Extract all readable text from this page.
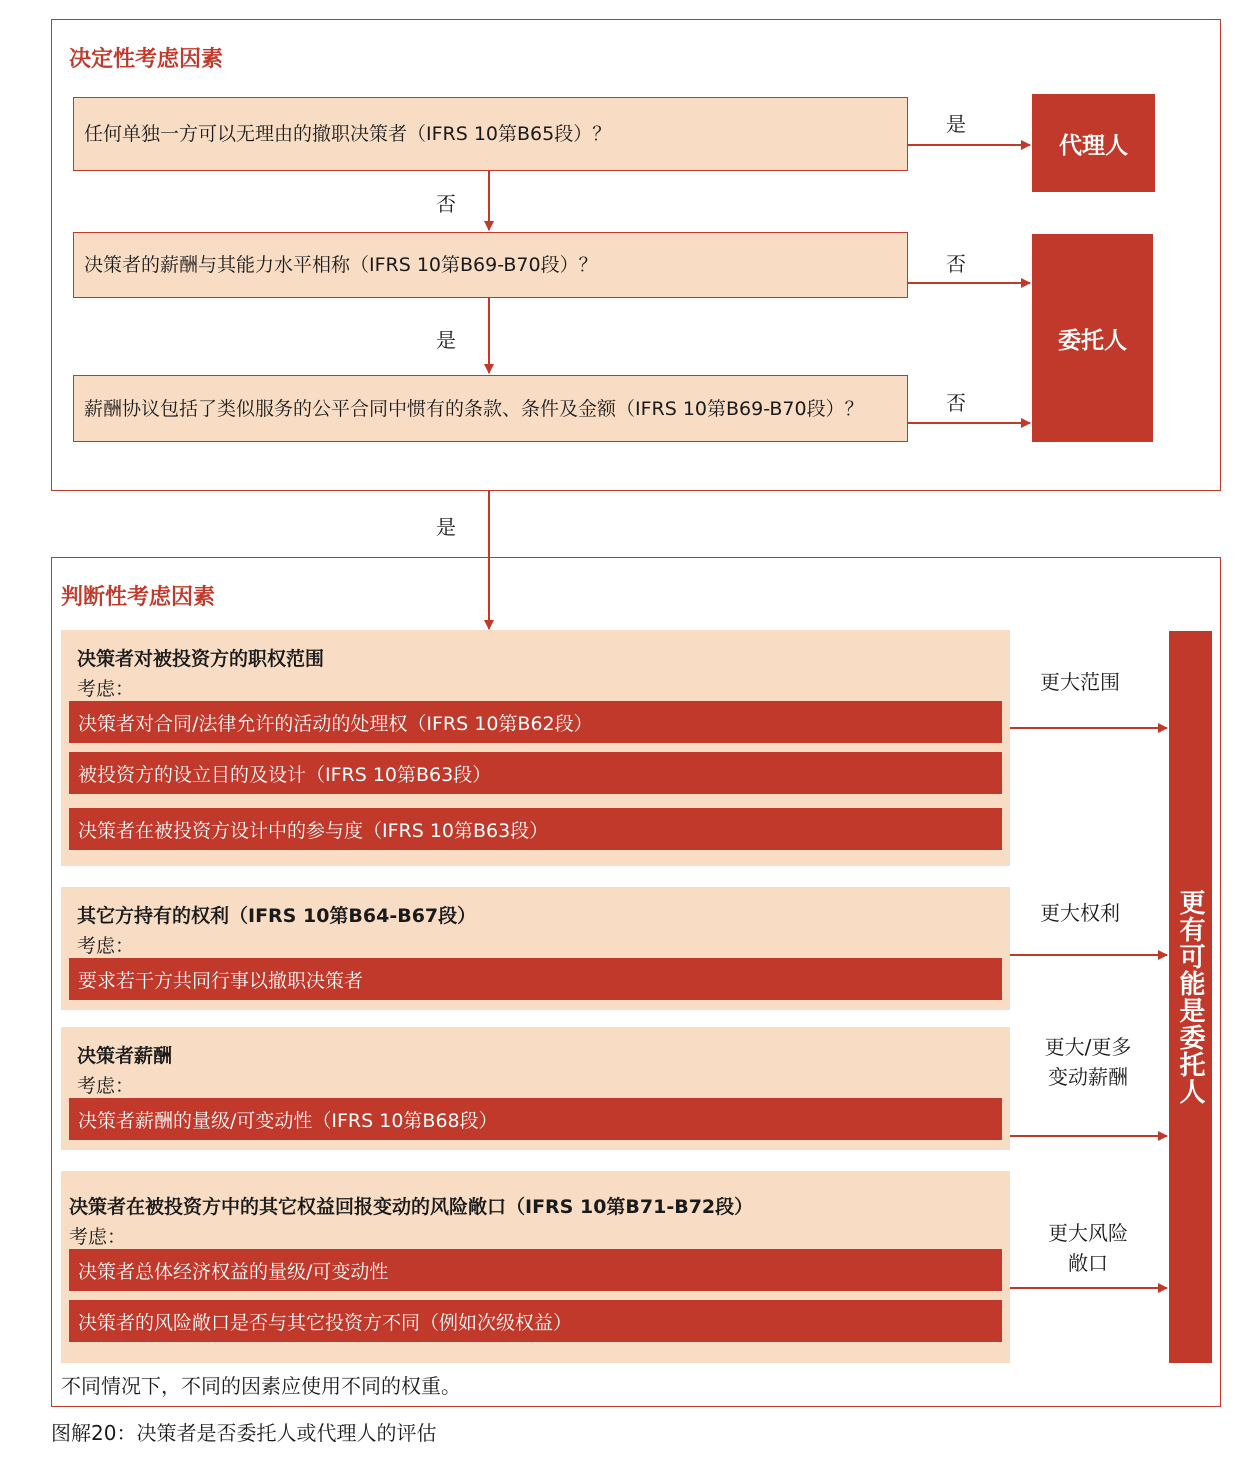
决定性考虑因素
任何单独一方可以无理由的撤职决策者（IFRS 10第B65段）？
决策者的薪酬与其能力水平相称（IFRS 10第B69-B70段）？
薪酬协议包括了类似服务的公平合同中惯有的条款、条件及金额（IFRS 10第B69-B70段）？
代理人
委托人
是
否
否
是
否
是
判断性考虑因素
决策者对被投资方的职权范围
考虑：
决策者对合同/法律允许的活动的处理权（IFRS 10第B62段）
被投资方的设立目的及设计（IFRS 10第B63段）
决策者在被投资方设计中的参与度（IFRS 10第B63段）
其它方持有的权利（IFRS 10第B64-B67段）
考虑：
要求若干方共同行事以撤职决策者
决策者薪酬
考虑：
决策者薪酬的量级/可变动性（IFRS 10第B68段）
决策者在被投资方中的其它权益回报变动的风险敞口（IFRS 10第B71-B72段）
考虑：
决策者总体经济权益的量级/可变动性
决策者的风险敞口是否与其它投资方不同（例如次级权益）
更大范围
更大权利
更大/更多
变动薪酬
更大风险
敞口
更有可能是委托人
不同情况下，不同的因素应使用不同的权重。
图解20：决策者是否委托人或代理人的评估
